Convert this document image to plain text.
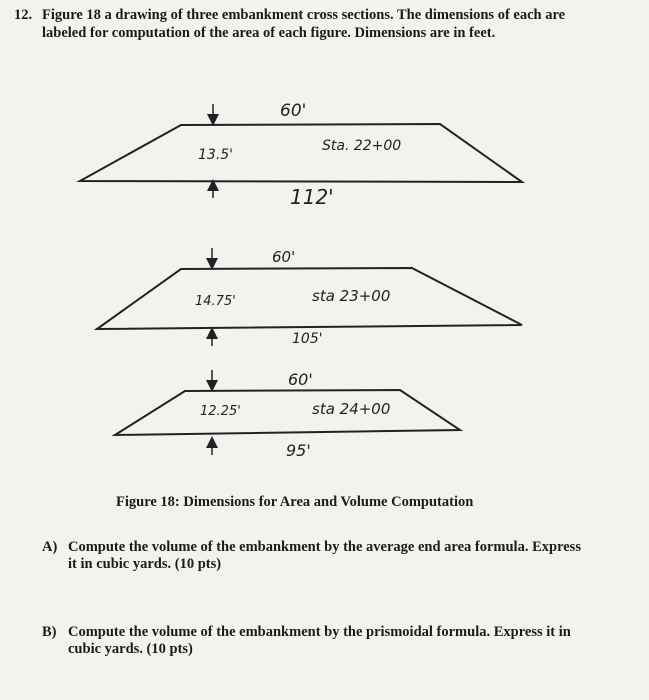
12. Figure 18 a drawing of three embankment cross sections. The dimensions of each are
labeled for computation of the area of each figure. Dimensions are in feet.
60'
13.5'
Sta. 22+00
112'
60'
14.75'	sta 23+00
105'
60'
12.25'	sta 24+00
95'
Figure 18: Dimensions for Area and Volume Computation
A) Compute the volume of the embankment by the average end area formula. Express
it in cubic yards. (10 pts)
B) Compute the volume of the embankment by the prismoidal formula. Express it in
cubic yards. (10 pts)
